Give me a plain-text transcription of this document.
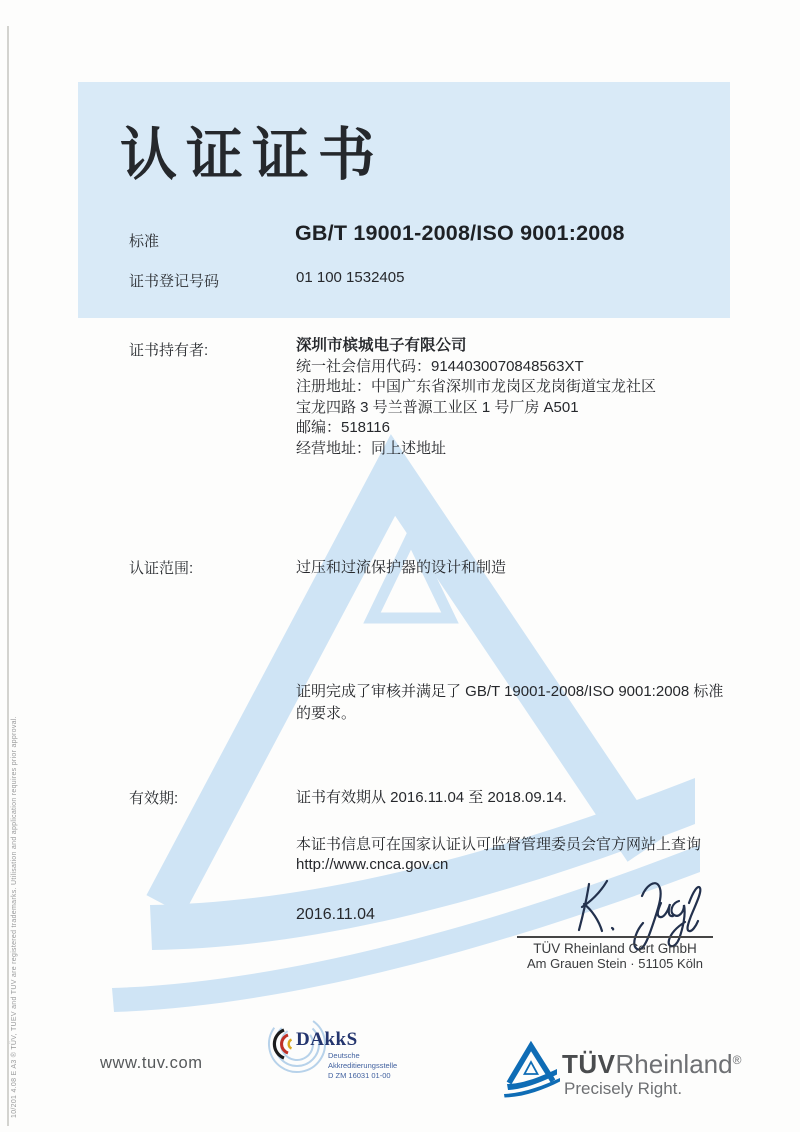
认证证书
标准	GB/T 19001-2008/ISO 9001:2008
证书登记号码	01 100 1532405
证书持有者:	深圳市槟城电子有限公司
统一社会信用代码：9144030070848563XT
注册地址：中国广东省深圳市龙岗区龙岗街道宝龙社区
宝龙四路 3 号兰普源工业区 1 号厂房 A501
邮编：518116
经营地址：同上述地址
认证范围:	过压和过流保护器的设计和制造
证明完成了审核并满足了 GB/T 19001-2008/ISO 9001:2008 标准
的要求。
有效期:	证书有效期从 2016.11.04 至 2018.09.14.
本证书信息可在国家认证认可监督管理委员会官方网站上查询
http://www.cnca.gov.cn
2016.11.04
TÜV Rheinland Cert GmbH
Am Grauen Stein · 51105 Köln
www.tuv.com
DAkkS
Deutsche
Akkreditierungsstelle
D ZM 16031 01-00	TÜVRheinland®
Precisely Right.
10/201 4.08 E A3 ® TÜV, TUEV and TUV are registered trademarks. Utilisation and application requires prior approval.
